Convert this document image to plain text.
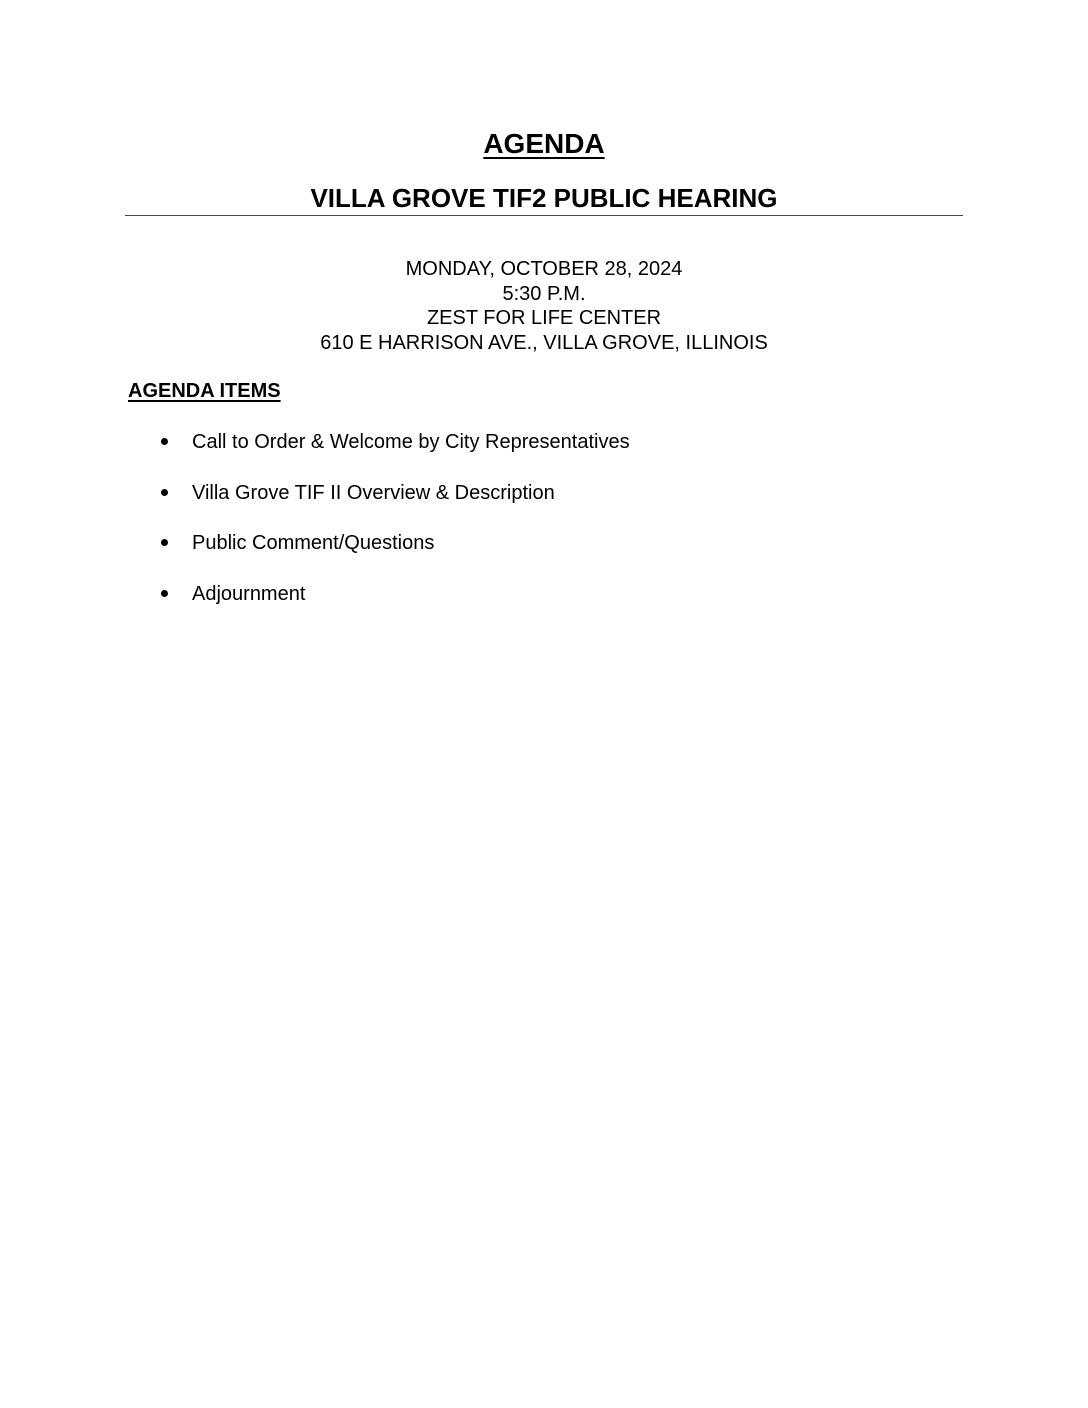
AGENDA
VILLA GROVE TIF2 PUBLIC HEARING
MONDAY, OCTOBER 28, 2024
5:30 P.M.
ZEST FOR LIFE CENTER
610 E HARRISON AVE., VILLA GROVE, ILLINOIS
AGENDA ITEMS
Call to Order & Welcome by City Representatives
Villa Grove TIF II Overview & Description
Public Comment/Questions
Adjournment
